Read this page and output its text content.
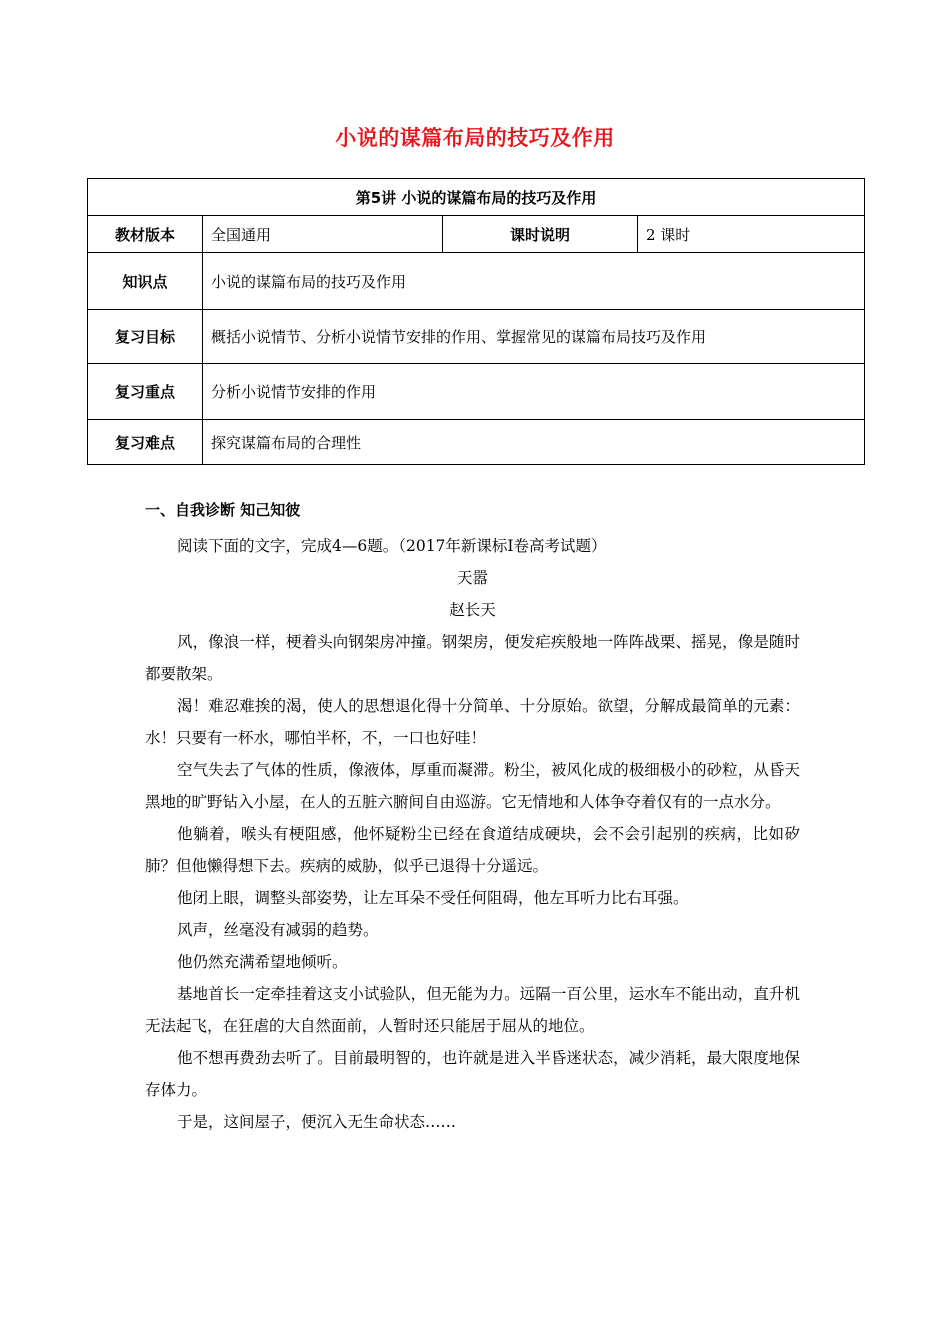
小说的谋篇布局的技巧及作用
第5讲 小说的谋篇布局的技巧及作用			
教材版本	全国通用	课时说明	2 课时
知识点	小说的谋篇布局的技巧及作用		
复习目标	概括小说情节、分析小说情节安排的作用、掌握常见的谋篇布局技巧及作用		
复习重点	分析小说情节安排的作用		
复习难点	探究谋篇布局的合理性		

一、自我诊断 知己知彼

阅读下面的文字，完成4—6题。（2017年新课标Ⅰ卷高考试题）

天嚣

赵长天

风，像浪一样，梗着头向钢架房冲撞。钢架房，便发疟疾般地一阵阵战栗、摇晃，像是随时都要散架。

渴！难忍难挨的渴，使人的思想退化得十分简单、十分原始。欲望，分解成最简单的元素：水！只要有一杯水，哪怕半杯，不，一口也好哇！

空气失去了气体的性质，像液体，厚重而凝滞。粉尘，被风化成的极细极小的砂粒，从昏天黑地的旷野钻入小屋，在人的五脏六腑间自由巡游。它无情地和人体争夺着仅有的一点水分。

他躺着，喉头有梗阻感，他怀疑粉尘已经在食道结成硬块，会不会引起别的疾病，比如矽肺？但他懒得想下去。疾病的威胁，似乎已退得十分遥远。

他闭上眼，调整头部姿势，让左耳朵不受任何阻碍，他左耳听力比右耳强。

风声，丝毫没有减弱的趋势。

他仍然充满希望地倾听。

基地首长一定牵挂着这支小试验队，但无能为力。远隔一百公里，运水车不能出动，直升机无法起飞，在狂虐的大自然面前，人暂时还只能居于屈从的地位。

他不想再费劲去听了。目前最明智的，也许就是进入半昏迷状态，减少消耗，最大限度地保存体力。

于是，这间屋子，便沉入无生命状态……
